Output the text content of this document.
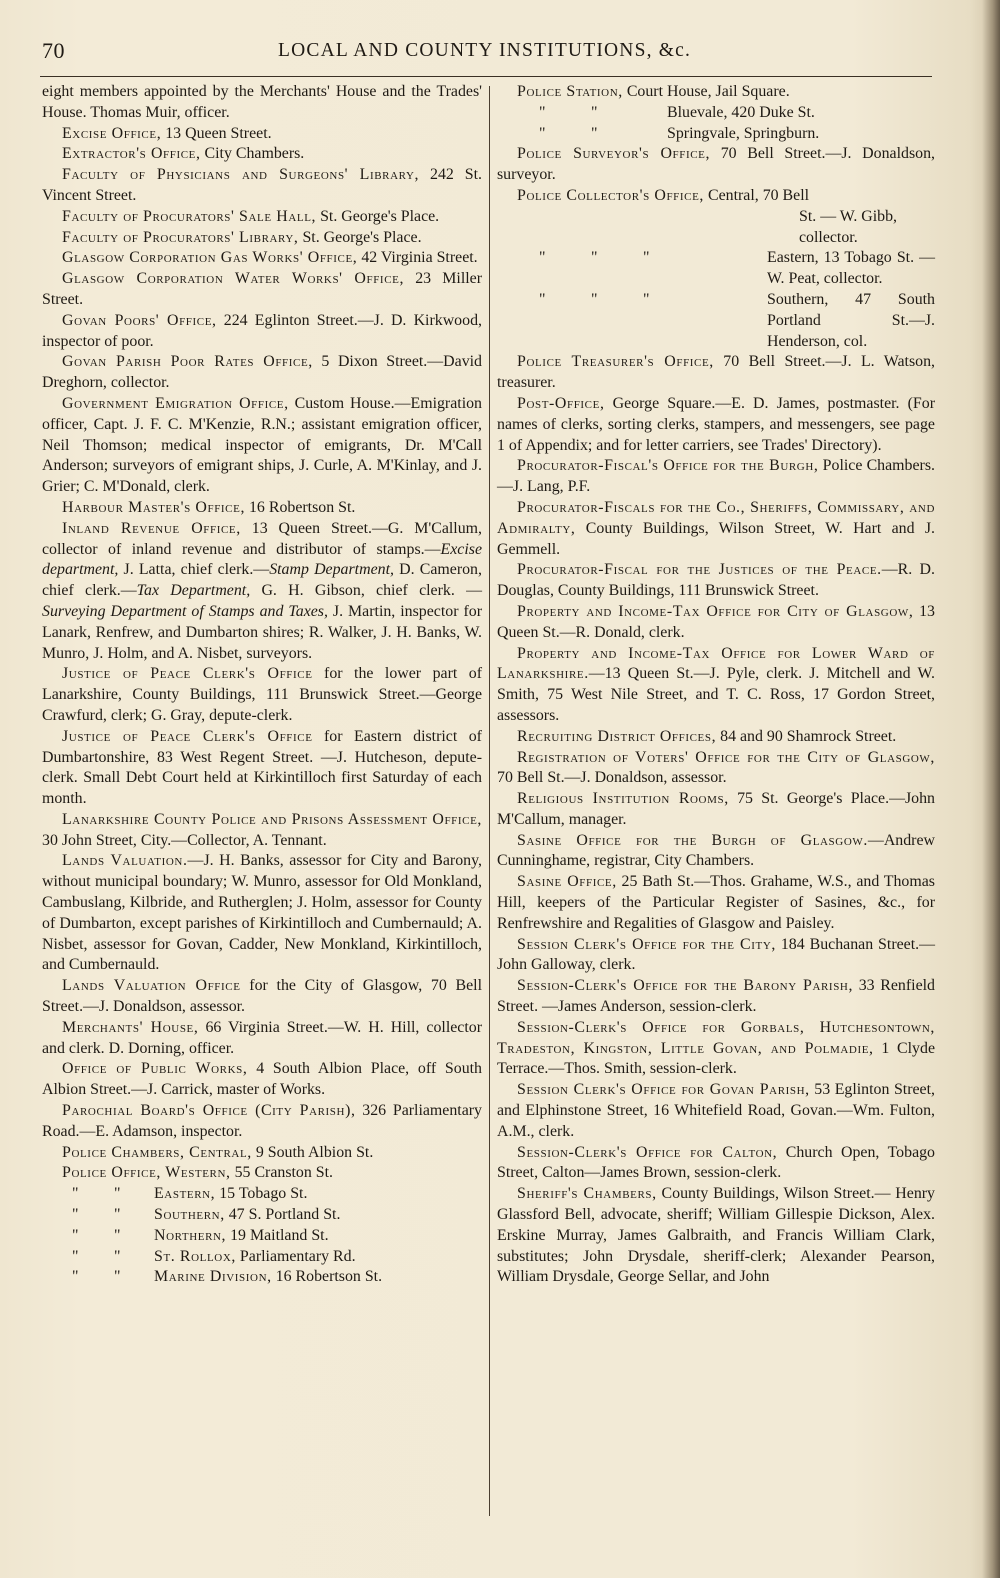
70	LOCAL AND COUNTY INSTITUTIONS, &c.

eight members appointed by the Merchants' House and the Trades' House. Thomas Muir, officer.

Excise Office, 13 Queen Street.

Extractor's Office, City Chambers.

Faculty of Physicians and Surgeons' Library, 242 St. Vincent Street.

Faculty of Procurators' Sale Hall, St. George's Place.

Faculty of Procurators' Library, St. George's Place.

Glasgow Corporation Gas Works' Office, 42 Virginia Street.

Glasgow Corporation Water Works' Office, 23 Miller Street.

Govan Poors' Office, 224 Eglinton Street.—J. D. Kirkwood, inspector of poor.

Govan Parish Poor Rates Office, 5 Dixon Street.—David Dreghorn, collector.

Government Emigration Office, Custom House.—Emigration officer, Capt. J. F. C. M'Kenzie, R.N.; assistant emigration officer, Neil Thomson; medical inspector of emigrants, Dr. M'Call Anderson; surveyors of emigrant ships, J. Curle, A. M'Kinlay, and J. Grier; C. M'Donald, clerk.

Harbour Master's Office, 16 Robertson St.

Inland Revenue Office, 13 Queen Street.—G. M'Callum, collector of inland revenue and distributor of stamps.—Excise department, J. Latta, chief clerk.—Stamp Department, D. Cameron, chief clerk.—Tax Department, G. H. Gibson, chief clerk. —Surveying Department of Stamps and Taxes, J. Martin, inspector for Lanark, Renfrew, and Dumbarton shires; R. Walker, J. H. Banks, W. Munro, J. Holm, and A. Nisbet, surveyors.

Justice of Peace Clerk's Office for the lower part of Lanarkshire, County Buildings, 111 Brunswick Street.—George Crawfurd, clerk; G. Gray, depute-clerk.

Justice of Peace Clerk's Office for Eastern district of Dumbartonshire, 83 West Regent Street. —J. Hutcheson, depute-clerk. Small Debt Court held at Kirkintilloch first Saturday of each month.

Lanarkshire County Police and Prisons Assessment Office, 30 John Street, City.—Collector, A. Tennant.

Lands Valuation.—J. H. Banks, assessor for City and Barony, without municipal boundary; W. Munro, assessor for Old Monkland, Cambuslang, Kilbride, and Rutherglen; J. Holm, assessor for County of Dumbarton, except parishes of Kirkintilloch and Cumbernauld; A. Nisbet, assessor for Govan, Cadder, New Monkland, Kirkintilloch, and Cumbernauld.

Lands Valuation Office for the City of Glasgow, 70 Bell Street.—J. Donaldson, assessor.

Merchants' House, 66 Virginia Street.—W. H. Hill, collector and clerk. D. Dorning, officer.

Office of Public Works, 4 South Albion Place, off South Albion Street.—J. Carrick, master of Works.

Parochial Board's Office (City Parish), 326 Parliamentary Road.—E. Adamson, inspector.

Police Chambers, Central, 9 South Albion St.

Police Office, Western, 55 Cranston St.

" " Eastern, 15 Tobago St.
" " Southern, 47 S. Portland St.
" " Northern, 19 Maitland St.
" " St. Rollox, Parliamentary Rd.
" " Marine Division, 16 Robertson St.

Police Station, Court House, Jail Square.

"	"	Bluevale, 420 Duke St.
"	"	Springvale, Springburn.

Police Surveyor's Office, 70 Bell Street.—J. Donaldson, surveyor.

Police Collector's Office, Central, 70 Bell

St. — W. Gibb, collector.

"	"	"	Eastern, 13 Tobago St. — W. Peat, collector.

"	"	"	Southern, 47 South Portland St.—J. Henderson, col.

Police Treasurer's Office, 70 Bell Street.—J. L. Watson, treasurer.

Post-Office, George Square.—E. D. James, postmaster. (For names of clerks, sorting clerks, stampers, and messengers, see page 1 of Appendix; and for letter carriers, see Trades' Directory).

Procurator-Fiscal's Office for the Burgh, Police Chambers.—J. Lang, P.F.

Procurator-Fiscals for the Co., Sheriffs, Commissary, and Admiralty, County Buildings, Wilson Street, W. Hart and J. Gemmell.

Procurator-Fiscal for the Justices of the Peace.—R. D. Douglas, County Buildings, 111 Brunswick Street.

Property and Income-Tax Office for City of Glasgow, 13 Queen St.—R. Donald, clerk.

Property and Income-Tax Office for Lower Ward of Lanarkshire.—13 Queen St.—J. Pyle, clerk. J. Mitchell and W. Smith, 75 West Nile Street, and T. C. Ross, 17 Gordon Street, assessors.

Recruiting District Offices, 84 and 90 Shamrock Street.

Registration of Voters' Office for the City of Glasgow, 70 Bell St.—J. Donaldson, assessor.

Religious Institution Rooms, 75 St. George's Place.—John M'Callum, manager.

Sasine Office for the Burgh of Glasgow.—Andrew Cunninghame, registrar, City Chambers.

Sasine Office, 25 Bath St.—Thos. Grahame, W.S., and Thomas Hill, keepers of the Particular Register of Sasines, &c., for Renfrewshire and Regalities of Glasgow and Paisley.

Session Clerk's Office for the City, 184 Buchanan Street.—John Galloway, clerk.

Session-Clerk's Office for the Barony Parish, 33 Renfield Street. —James Anderson, session-clerk.

Session-Clerk's Office for Gorbals, Hutchesontown, Tradeston, Kingston, Little Govan, and Polmadie, 1 Clyde Terrace.—Thos. Smith, session-clerk.

Session Clerk's Office for Govan Parish, 53 Eglinton Street, and Elphinstone Street, 16 Whitefield Road, Govan.—Wm. Fulton, A.M., clerk.

Session-Clerk's Office for Calton, Church Open, Tobago Street, Calton—James Brown, session-clerk.

Sheriff's Chambers, County Buildings, Wilson Street.— Henry Glassford Bell, advocate, sheriff; William Gillespie Dickson, Alex. Erskine Murray, James Galbraith, and Francis William Clark, substitutes; John Drysdale, sheriff-clerk; Alexander Pearson, William Drysdale, George Sellar, and John
